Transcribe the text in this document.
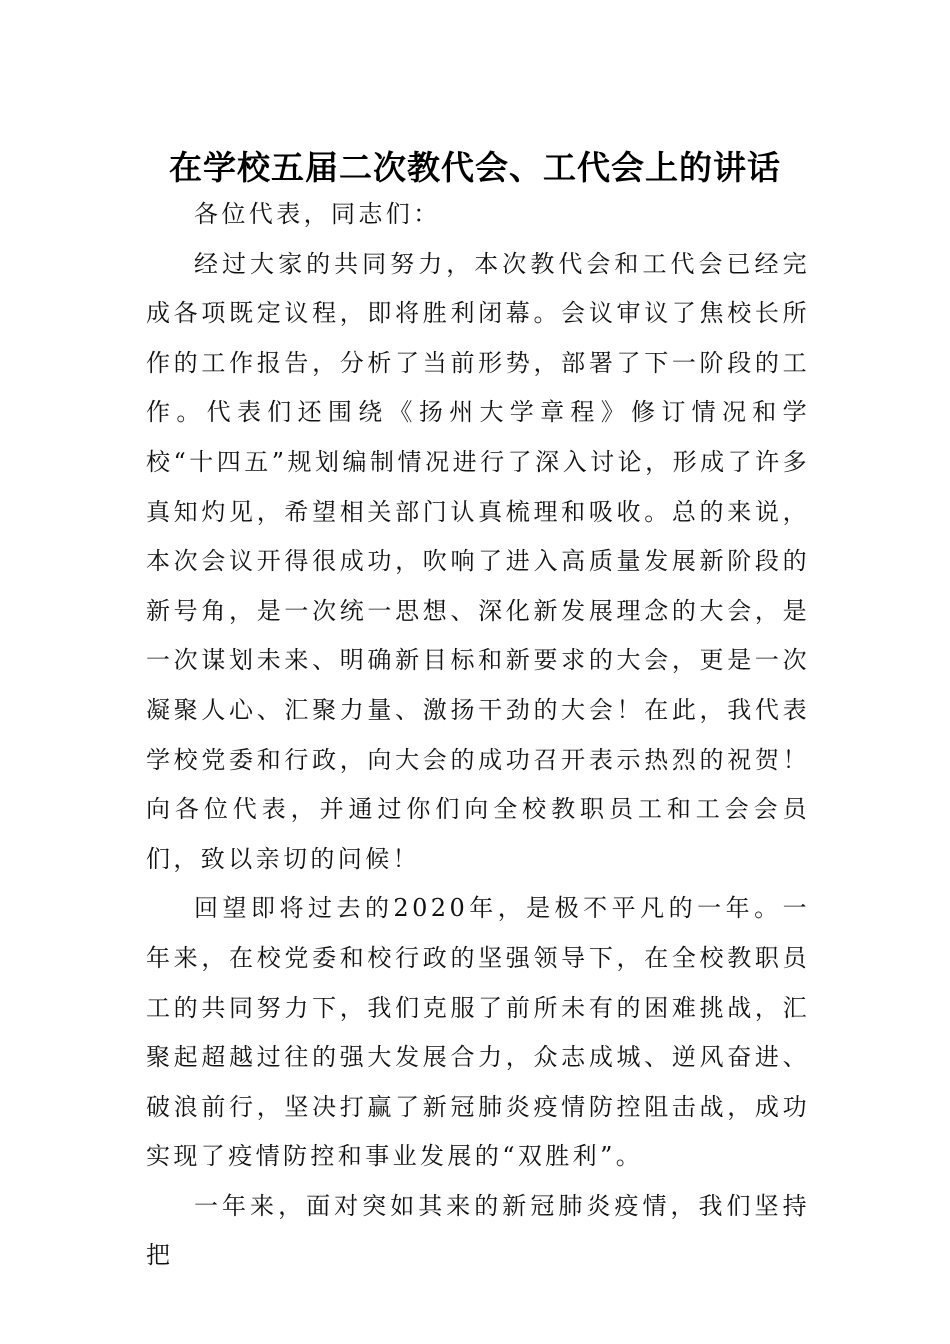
在学校五届二次教代会、工代会上的讲话

各位代表，同志们：

经过大家的共同努力，本次教代会和工代会已经完成各项既定议程，即将胜利闭幕。会议审议了焦校长所作的工作报告，分析了当前形势，部署了下一阶段的工作。代表们还围绕《扬州大学章程》修订情况和学校“十四五”规划编制情况进行了深入讨论，形成了许多真知灼见，希望相关部门认真梳理和吸收。总的来说，本次会议开得很成功，吹响了进入高质量发展新阶段的新号角，是一次统一思想、深化新发展理念的大会，是一次谋划未来、明确新目标和新要求的大会，更是一次凝聚人心、汇聚力量、激扬干劲的大会！在此，我代表学校党委和行政，向大会的成功召开表示热烈的祝贺！向各位代表，并通过你们向全校教职员工和工会会员们，致以亲切的问候！

回望即将过去的2020年，是极不平凡的一年。一年来，在校党委和校行政的坚强领导下，在全校教职员工的共同努力下，我们克服了前所未有的困难挑战，汇聚起超越过往的强大发展合力，众志成城、逆风奋进、破浪前行，坚决打赢了新冠肺炎疫情防控阻击战，成功实现了疫情防控和事业发展的“双胜利”。

一年来，面对突如其来的新冠肺炎疫情，我们坚持把
